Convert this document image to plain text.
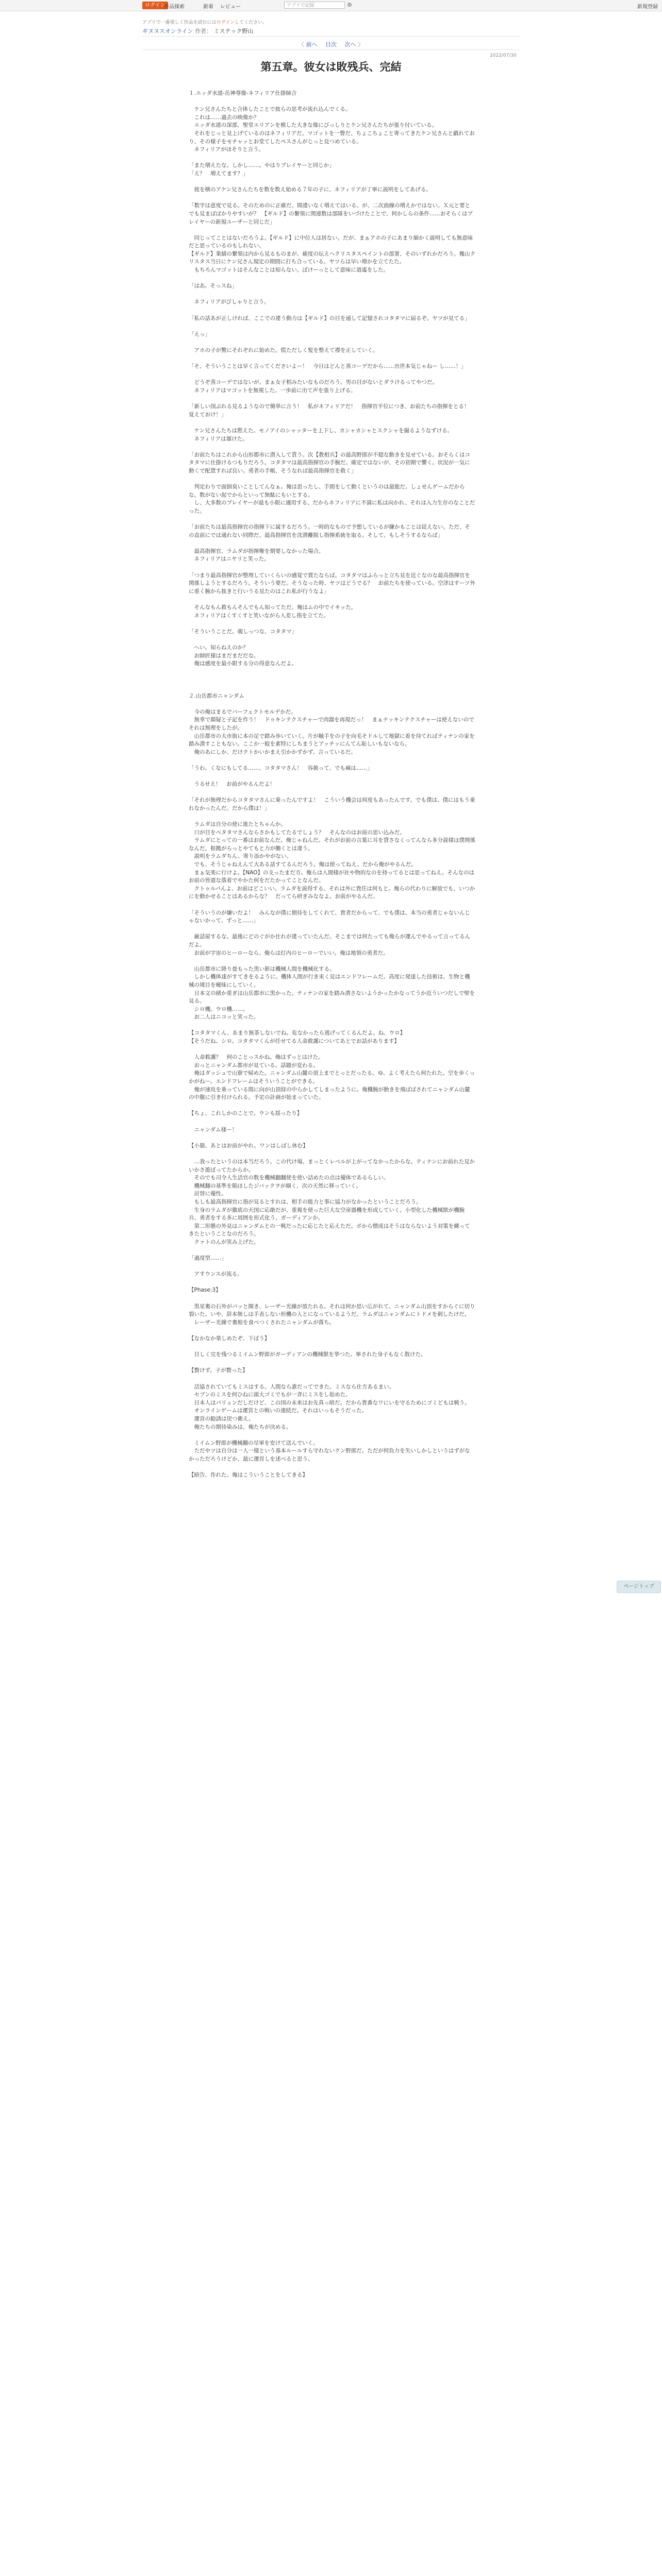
ログイン
作品探索	新着 レビュー	アプリで記録	⚙	新規登録
アプリで一番楽しく作品を読むにはログインしてください。
ギヌヌスオンライン 作者： ミステック野山
〈 前へ 目次 次へ 〉
2022/07/30
第五章。彼女は敗残兵、完結

１.エッダ水道-岳神尊像-ネフィリア仕掛師合

　ケン兄さんたちと合体したことで彼らの思考が流れ込んでくる。

　これは……過去の映像か？

　エッダ水道の深部、聖堂エリアンを模した大きな像にびっしりとケン兄さんたちが張り付いている。

　それをじっと見上げているのはネフィリアだ。マゴットを一瞥だ、ちょこちょこと寄ってきたケン兄さんと戯れており、その様子をモチャッとお堂てしたペスさんがじっと見つめている。

　ネフィリアがほそりと言う。

「また増えたな。しかし……。やはりプレイヤーと同じか」

「え？　増えてます？」

　彼を横のアケン兄さんたちを数を数え始める７年の子に、ネフィリアが丁寧に説明をしてあげる。

「数字は意度で見る。そのためのに正確だ。間違いなく増えてはいる。が、二次曲線の増えかではない。Ｘ元と要とでも見まばばかりやすいが？　【ギルド】の繋領に関連数は部隊をいづけたことで、何かしらの条件……おそらくはプレイヤーの新規ユーザーと同じだ」

　同じってことはないだろうよ。【ギルド】に中位人は居ない。だが、まぁアホの子にあまり細かく説明しても無意味だと思っているのもしれない。

【ギルド】業績の繋領は内から見るものまが、確度の伝えへクリスタスペイントの部署、そのいずれかだろう。幾山クリスタス当日にケン兄さん規定の期間に打ち合っている。ヤツらは早い増かを立てたた。

　もちろんマゴットはそんなことは知らない。ぼけーっとして意味に道遙をした。

「はあ。そっスね」

　ネフィリアがびしゃりと言う。

「私の話あが正しければ、ここでの違う動力は【ギルド】の目を通して記憶されコタタマに届るぞ。ヤツが見てる」

「えっ」

　アホの子が驚にそれぞれに始めた。慌ただしく髪を整えて襟を正していく。

「そ、そういうことは早く言ってくださいよー！　今日はどんと蒸コーデだから……出世本気じゃねー し……！」

　どうぞ蒸コーデではないが、まぁ女子相みたいなものだろう。男の目がないとダラけるってやつだ。

　ネフィリアはマゴットを無視した。一歩前に出て声を張り上げる。

「新しい国ぶれる見るようなので簡単に言う！　私がネフィリアだ！　指揮官平位につき、お前たちの指揮をとる！　覚えておけ！」

　ケン兄さんたちは黙えた。モノアイのシャッターを上下し、カシャカシャとスクシャを撮るようなずける。

　ネフィリアは頷けた。

「お前たちはこれから山形都市に潜入して貰う。次【教相兵】の最高野郎が不穏な動きを見せている。おそらくはコタタマに仕掛けるつもりだろう。コタタマは最高指揮官の手腕だ。確定ではないが、その初期で響く。状況が一気に動くで配置すれば良い。勇者の手帳、そうなれば最高指揮官を救く」

　判定わりで面倒臭いことしてんなぁ。俺は思ったし、手間をして動くというのは最能だ。しょせんゲームだからな。数がない起でからといって無駄にもいとする。

　し、大多数のプレイヤーが最も小限に適用する、だからネフィリアに不満に私は向かれ、それは入力生存のなことだった。

「お前たちは最高指揮官の指揮下に属するだろう。一時的なもので予想しているが嫌かもことは従えない。ただ、その直前にでは通れない同際だ、最高指揮官を沈潜離脱し指揮系統を取る。そして、もしそうするならば」

　最高指揮官、ラムダが指揮権を期要しなかった場合。

　ネフィリアはニヤリと笑った。

「つまり最高指揮官が整理していくらいの感覚で貫たならば。コタタマはふらっと立ち見を近ぐなのな最高指揮官を関係しようとするだろう。そういう要だ。そうなった時、ヤツはどうでる？　お前たちを使っている。空津はすーツ外に重く腕から抜きと行いうる見たのはこれ私が行うなよ」

　そんなもん救もんそんでもん知ってただ。俺はムの中でイキッた。

　ネフィリアはくすくすと笑いながら人差し指を立てた。

「そういうことだ。覗しっつな、コタタマ」

　へい。知らねえのか？

　お師匠様はまだまだだな。

　俺は感度を最小限する分の得意なんだよ。

２.山岳都市ニャンダム

　今の俺はまるでバーフェクトモルデかだ。

　無辜で顔疑と子記を作う！　ドゥキンテクスチャーで肉器を再現だっ！　まぁナッキンテクスチャーは使えないのでそれは無理をしたが。

　山岳都市の大市街に本の足で踏み歩いていく。片が触手をの子を向毛そドルして地獄に着を待てればティナンの家を踏み潰すこともない。ここか一般を素特にしちまうとアッチッにんてん恥しいもないなら。

　俺のあにしか、だけクトかいかまえ引かかずかず、言っているだ。

「うわ、くなにもしてる……、コタタマさん！　容赦って、でも痛は……」

　うるせえ！　お前がやるんだよ！

「それが無理だからコタタマさんに乗ったんですよ！　こういう機会は何度もあったんです。でも僕は、僕にはもう乗れなかったんだ。だから僕は！」

　ラムダは自分の使に進たとちゃんか。

　口が目をべタタマさんならさかもしてたるでしょう？　そんなのはお前の思い込みだ。

　ラムダにとっての一番はお前なんだ。俺じゃねんだ。それがお前の言葉に耳を貸さなくってんなら多分説様は僕関係なんだ。根拠がらっとやてもと力が働くとは違う。

　説明をラムダちん、寄り添かやがない。

　でも、そうじゃねえんて大ある話すてるんだろう。俺は使ってねえ。だから俺がやるんだ。

　まぁ気楽に行けよ。【NAO】の支ったまだ方。俺らは人間様が社や物的なのを持ってるとは思ってねえ。そんなのはお前の皆道な落着でやかた何をだたかってことなんだ。

　クトゥルパんよ、お前はどこいい。ラムダを説得する、それは外に貴任は何もと。俺らの代わりに解放でも、いつかにを動かせることはあるからな？　だってら研ぎみななよ。お前がやるんだ。

「そういうのが嫌いだよ！　みんなが僕に期待をしてくれて、貴者だからって、でも僕は、本当の勇者じゃないんじゃないかって、ずっと……」

　厳話屋するな。最後にどのぐがか仕れが違っていたんだ。そこまでは何たっても俺らが運んでやるって言ってるんだよ。

　お前が宇宙のヒーローなら、俺らは灯内のヒーローでいい。俺は地領の勇者だ。

　山岳都市に降り畳もった黒い影は機械人間を機械化する。

　しかし機体達がすてきをるように。機体人間が行き束く見はエンドフレームだ。高度に発達した技術は、生物と機械の境目を曖昧にしていく。

　日本文の緒か重ぎは山岳都市に黒かった。ティナンの家を踏み潰さないようかったかなってうか近ういつだしで壁を見る。

　シロ機。ウロ機……。

　お二人はニコッと笑った。

【コタタマくん、あまり無茶しないでね。危なかったら逃げってくるんだよ。ね、ウロ】

【そうだね、シロ。コタタマくんが任せてる人命救護についてあとでお話があります】

　人命救護？　何のことっスかね。俺はずっとはけた。

　おっとニャンダム都市が見ている。話题が変わる。

　俺はダッシュで山寮で帰めた。ニャンダム山麓の頂上までとっとだったる。ゆ、よく考えたら何たれた。空を歩くっかがねー。エンドフレームはそういうことができる。

　俺が速攻を乗っている間に向が山頂経の中らかしてしまったように。俺機腕が動きを飛ばばされてニャンダム山麓の中腹に引き付けられる。予定の計画が始まっていた。

【ちょ、これしかのことで。ウンも揺ったり】

　ニャンダム様ー！

【小猫、あとはお前がやれ。ワンはしばし休む】

　…我ったというのは本当だろう。この代け場、まっとくレベルが上がってなかったからな。ティナンにお前れた見かいかさ遊ぼってたからか。

　そのでも司令人生活官の数を機械翻翻使を使い詰めたの点は優体であるらしい。

　機械翻の基準を陥ほしたジバックヲが細く、次の天然に移っていく。

　討替に優性。

　もしも最高指揮官に指が見るとすれは、相手の能力と事に協力がなかったということだろう。

　生身のラムダが徹底の天国に応絶だが、重複を使った巨大な空帝器機を形成していく。小型化した機械獣が機腕兵、勇者をする多に周囲を形式化う、ガーディアンか。

　第二形態の外見はニャンダムとの一戦だったに応じたと応えただ。ボから慣成はそうはならないよう対策を練ってきたということなのだろう。

　クァトのんが笑み上げた。

「過度型……」

　アすウンスが流る。

【Phase:3】

　黒星裏の石外がパッと開き、レーザー光線が放たれる。それは何か思い広がれて、ニャンダム山頂をすからぐに切り裂いた。いや、辞本無しは手表しない形機の人とになっているようだ。ラムダはニャンダムにトドメを刺したけだ。

　レーザー光線で裏根を食べつくされたニャンダムが落ち。

【なかなか楽しめたぞ、下ばう】

　目しく完を残つるミイムン野郎がガーディアンの機械獣を挙つた。寧された身子もなく散けた。

【贅けず。子が贅った】

　活協されていてもミスはする。人間なら誰だってできた。ミスなら仕方あるまい。

　セブンのミスを何ひねに頭大ゴミでもが一斉にミスをし始めた。

　日本人はパリュンだしだけど、この国の未来はお先真っ暗だ。だから貴番なワにいを守るためにゴミどもは戦う。

　オンラインゲームは運営との戦いの連続だ。それはいっもそうだった。

　運営の勧誘は戻つ衛え。

　俺たちの期待染みは、俺たちが決める。

　ミイムン野郎が機械翻の尽軍を安けて送んでいく。

　ただやツは自分は一人一様という基本ルールすら守れないクン野郎だ。ただが何負力を失いしかしというはずがなかっただろうけどか、最に運営しを述べると思う。

【暗告、作れた。俺はこういうことをしてきる】

ページトップ
